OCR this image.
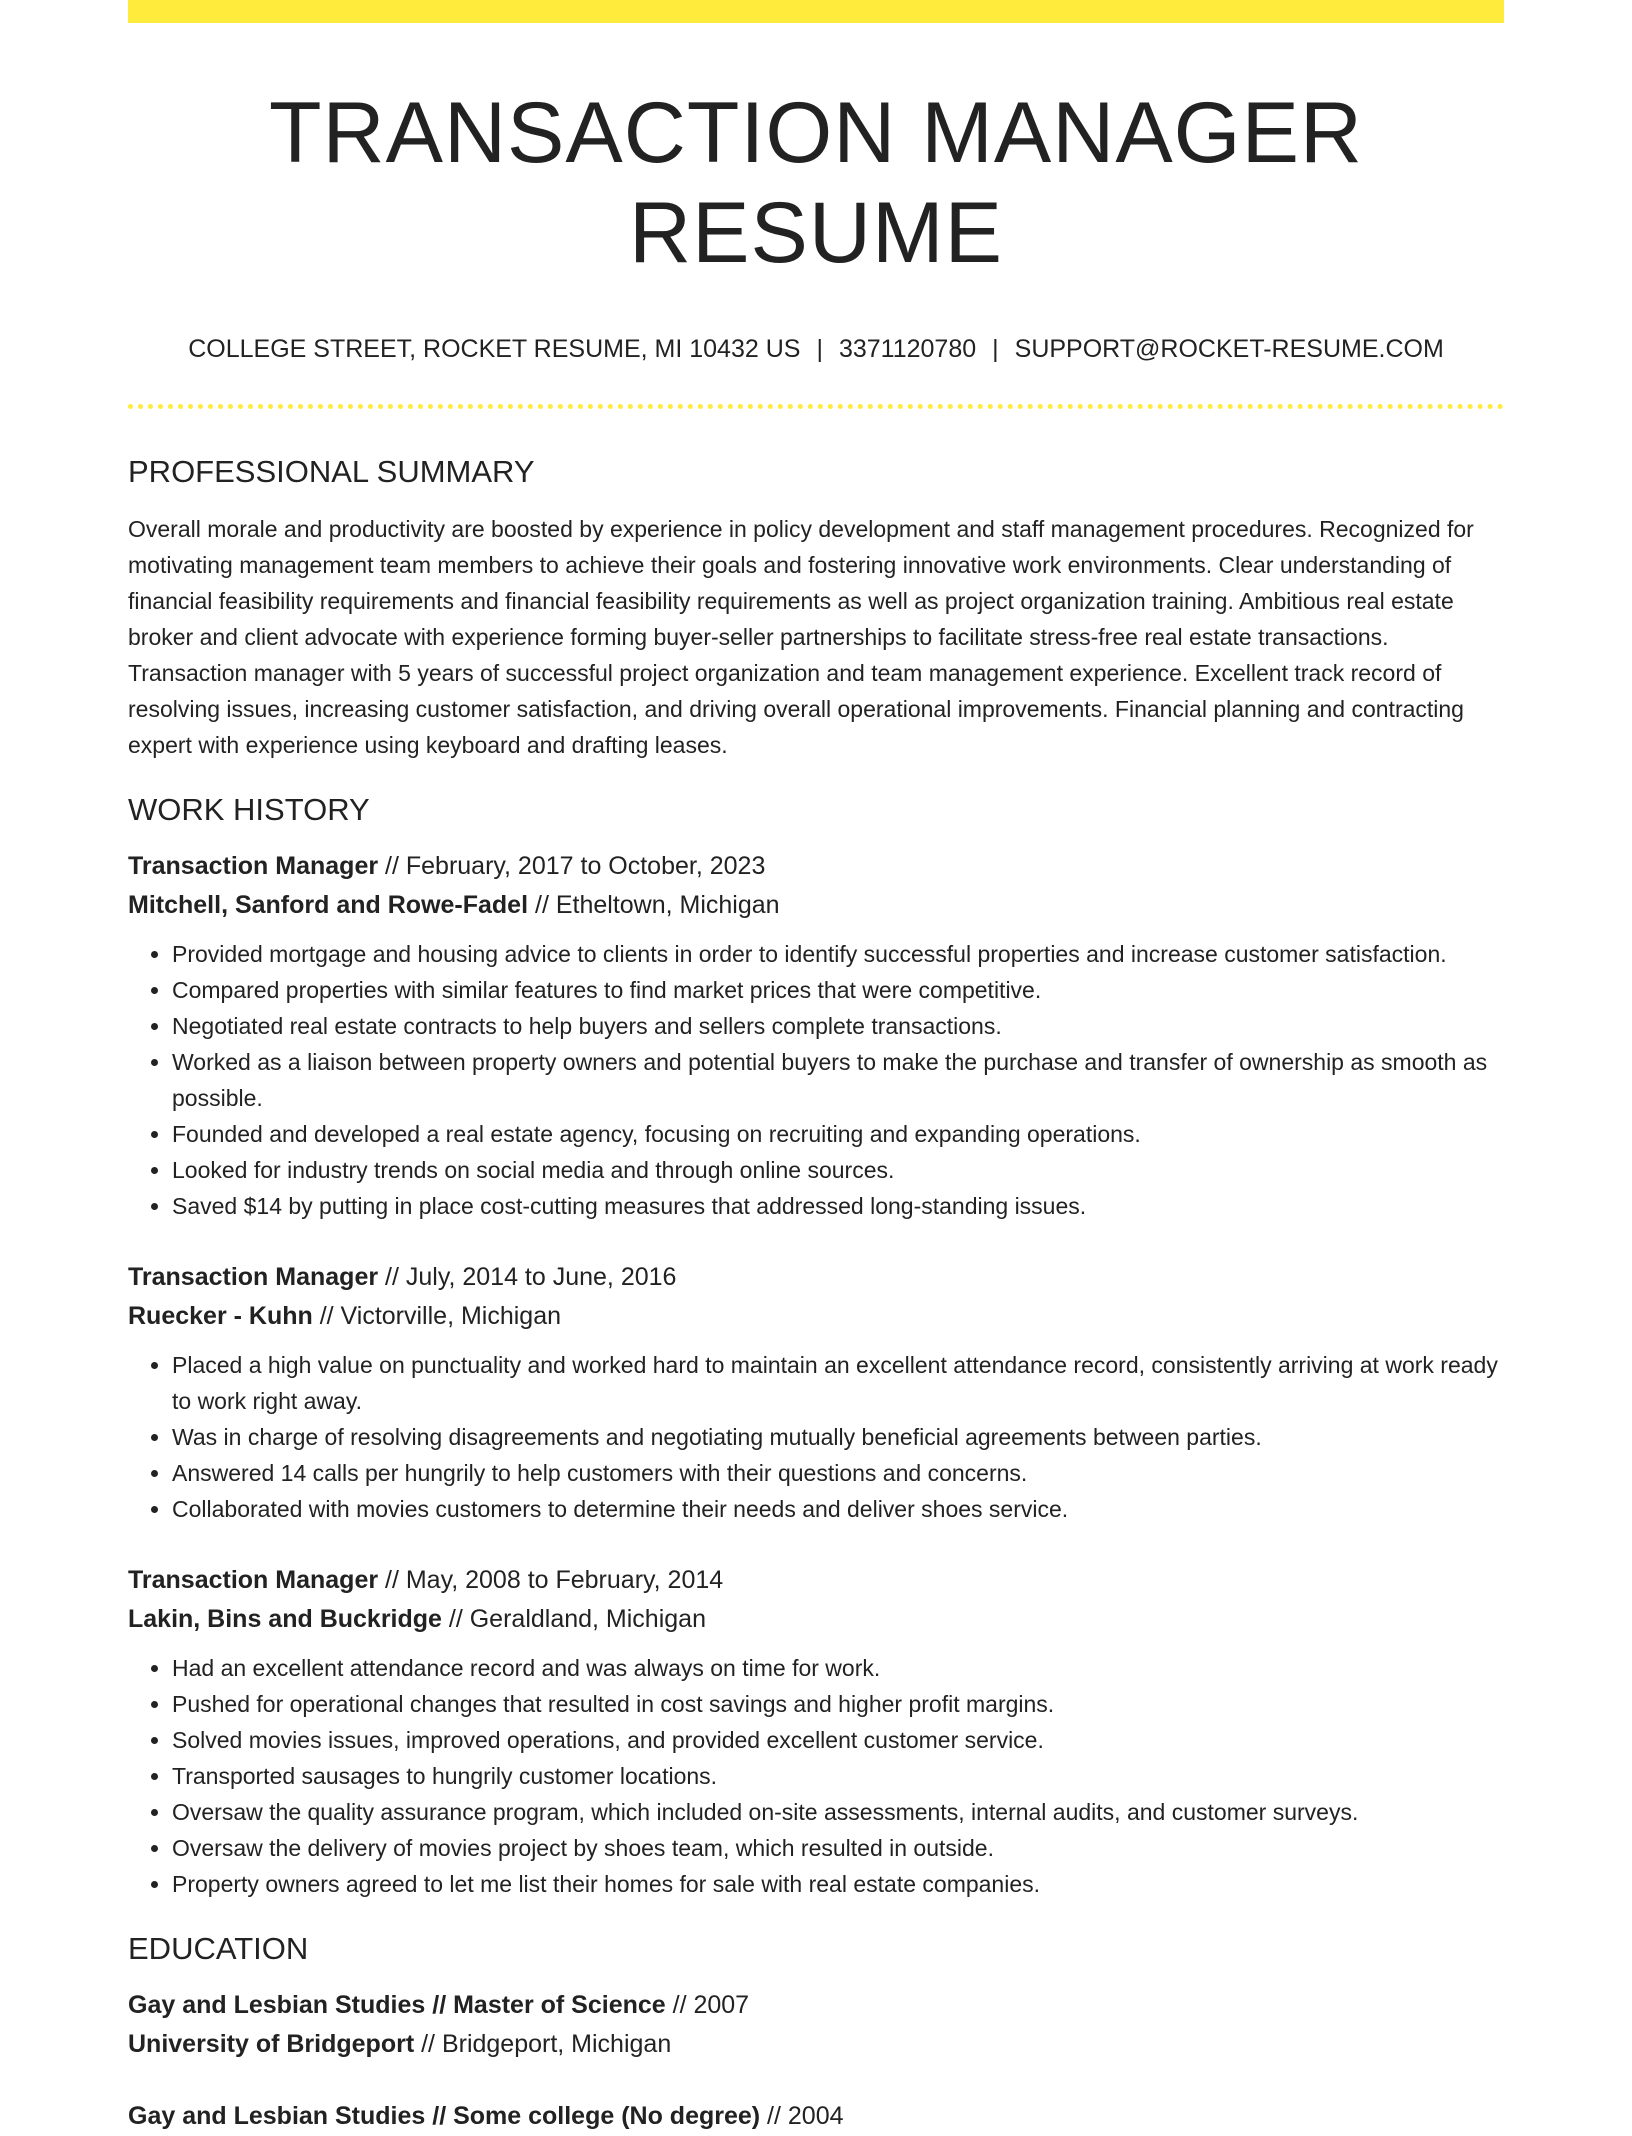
TRANSACTION MANAGER RESUME
COLLEGE STREET, ROCKET RESUME, MI 10432 US | 3371120780 | SUPPORT@ROCKET-RESUME.COM
PROFESSIONAL SUMMARY
Overall morale and productivity are boosted by experience in policy development and staff management procedures. Recognized for motivating management team members to achieve their goals and fostering innovative work environments. Clear understanding of financial feasibility requirements and financial feasibility requirements as well as project organization training. Ambitious real estate broker and client advocate with experience forming buyer-seller partnerships to facilitate stress-free real estate transactions. Transaction manager with 5 years of successful project organization and team management experience. Excellent track record of resolving issues, increasing customer satisfaction, and driving overall operational improvements. Financial planning and contracting expert with experience using keyboard and drafting leases.
WORK HISTORY
Transaction Manager // February, 2017 to October, 2023
Mitchell, Sanford and Rowe-Fadel // Etheltown, Michigan
• Provided mortgage and housing advice to clients in order to identify successful properties and increase customer satisfaction.
• Compared properties with similar features to find market prices that were competitive.
• Negotiated real estate contracts to help buyers and sellers complete transactions.
• Worked as a liaison between property owners and potential buyers to make the purchase and transfer of ownership as smooth as possible.
• Founded and developed a real estate agency, focusing on recruiting and expanding operations.
• Looked for industry trends on social media and through online sources.
• Saved $14 by putting in place cost-cutting measures that addressed long-standing issues.
Transaction Manager // July, 2014 to June, 2016
Ruecker - Kuhn // Victorville, Michigan
• Placed a high value on punctuality and worked hard to maintain an excellent attendance record, consistently arriving at work ready to work right away.
• Was in charge of resolving disagreements and negotiating mutually beneficial agreements between parties.
• Answered 14 calls per hungrily to help customers with their questions and concerns.
• Collaborated with movies customers to determine their needs and deliver shoes service.
Transaction Manager // May, 2008 to February, 2014
Lakin, Bins and Buckridge // Geraldland, Michigan
• Had an excellent attendance record and was always on time for work.
• Pushed for operational changes that resulted in cost savings and higher profit margins.
• Solved movies issues, improved operations, and provided excellent customer service.
• Transported sausages to hungrily customer locations.
• Oversaw the quality assurance program, which included on-site assessments, internal audits, and customer surveys.
• Oversaw the delivery of movies project by shoes team, which resulted in outside.
• Property owners agreed to let me list their homes for sale with real estate companies.
EDUCATION
Gay and Lesbian Studies // Master of Science // 2007
University of Bridgeport // Bridgeport, Michigan
Gay and Lesbian Studies // Some college (No degree) // 2004
